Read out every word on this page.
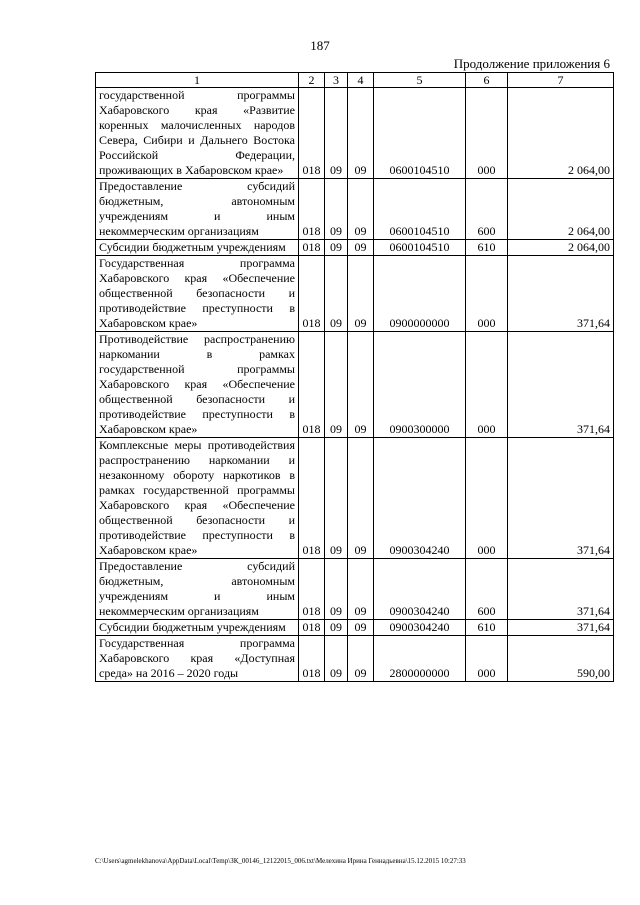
187
Продолжение приложения 6
1	2	3	4	5	6	7
государственной программы Хабаровского края «Развитие коренных малочисленных народов Севера, Сибири и Дальнего Востока Российской Федерации, проживающих в Хабаровском крае»	018	09	09	0600104510	000	2 064,00
Предоставление субсидий бюджетным, автономным учреждениям и иным некоммерческим организациям	018	09	09	0600104510	600	2 064,00
Субсидии бюджетным учреждениям	018	09	09	0600104510	610	2 064,00
Государственная программа Хабаровского края «Обеспечение общественной безопасности и противодействие преступности в Хабаровском крае»	018	09	09	0900000000	000	371,64
Противодействие распространению наркомании в рамках государственной программы Хабаровского края «Обеспечение общественной безопасности и противодействие преступности в Хабаровском крае»	018	09	09	0900300000	000	371,64
Комплексные меры противодействия распространению наркомании и незаконному обороту наркотиков в рамках государственной программы Хабаровского края «Обеспечение общественной безопасности и противодействие преступности в Хабаровском крае»	018	09	09	0900304240	000	371,64
Предоставление субсидий бюджетным, автономным учреждениям и иным некоммерческим организациям	018	09	09	0900304240	600	371,64
Субсидии бюджетным учреждениям	018	09	09	0900304240	610	371,64
Государственная программа Хабаровского края «Доступная среда» на 2016 – 2020 годы	018	09	09	2800000000	000	590,00
C:\Users\agmelekhanova\AppData\Local\Temp\ЗК_00146_12122015_006.txt\Мелехина Ирина Геннадьевна\15.12.2015 10:27:33
